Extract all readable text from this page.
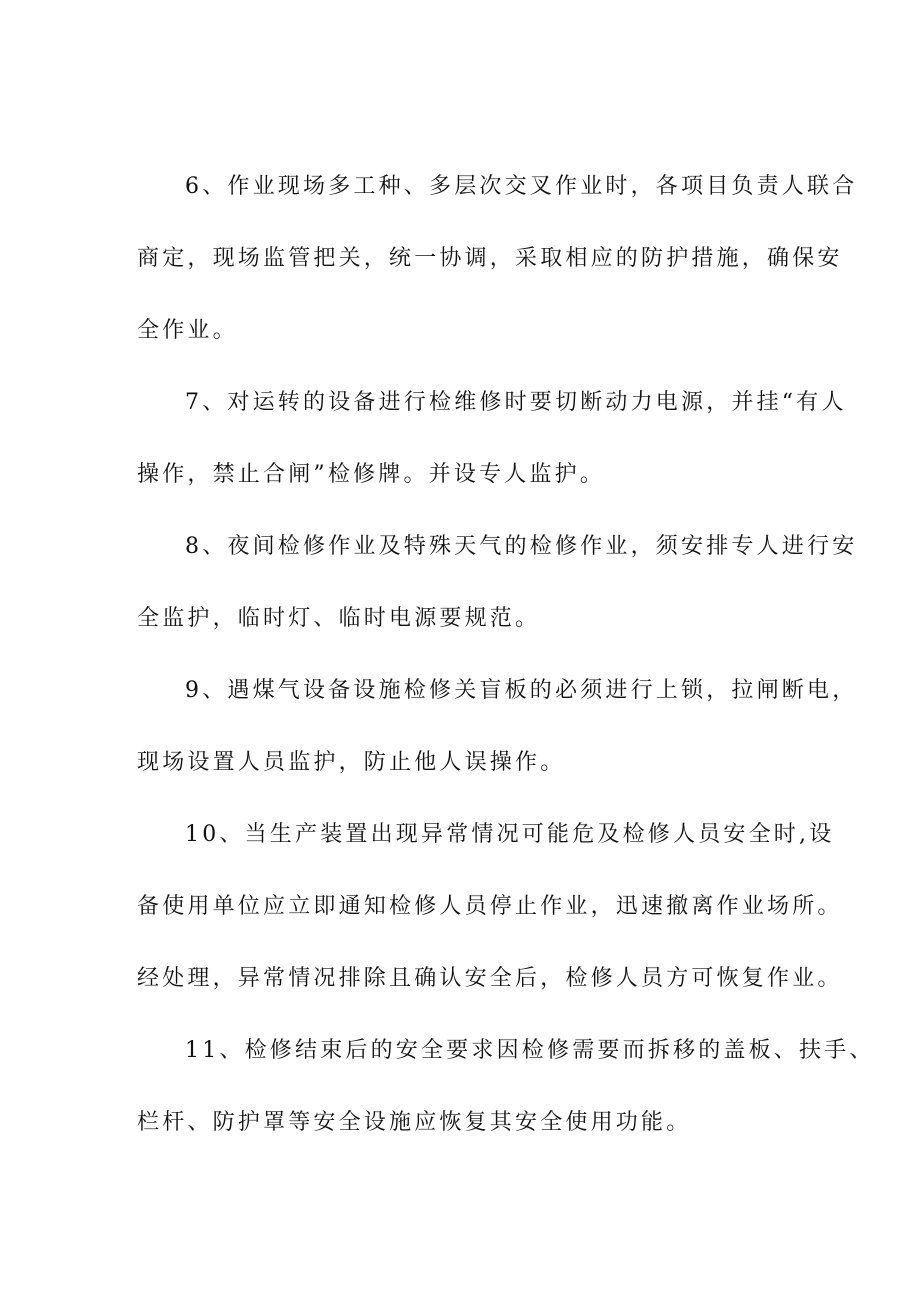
6、作业现场多工种、多层次交叉作业时，各项目负责人联合
商定，现场监管把关，统一协调，采取相应的防护措施，确保安
全作业。
7、对运转的设备进行检维修时要切断动力电源，并挂“有人
操作，禁止合闸”检修牌。并设专人监护。
8、夜间检修作业及特殊天气的检修作业，须安排专人进行安
全监护，临时灯、临时电源要规范。
9、遇煤气设备设施检修关盲板的必须进行上锁，拉闸断电，
现场设置人员监护，防止他人误操作。
10、当生产装置出现异常情况可能危及检修人员安全时,设
备使用单位应立即通知检修人员停止作业，迅速撤离作业场所。
经处理，异常情况排除且确认安全后，检修人员方可恢复作业。
11、检修结束后的安全要求因检修需要而拆移的盖板、扶手、
栏杆、防护罩等安全设施应恢复其安全使用功能。
